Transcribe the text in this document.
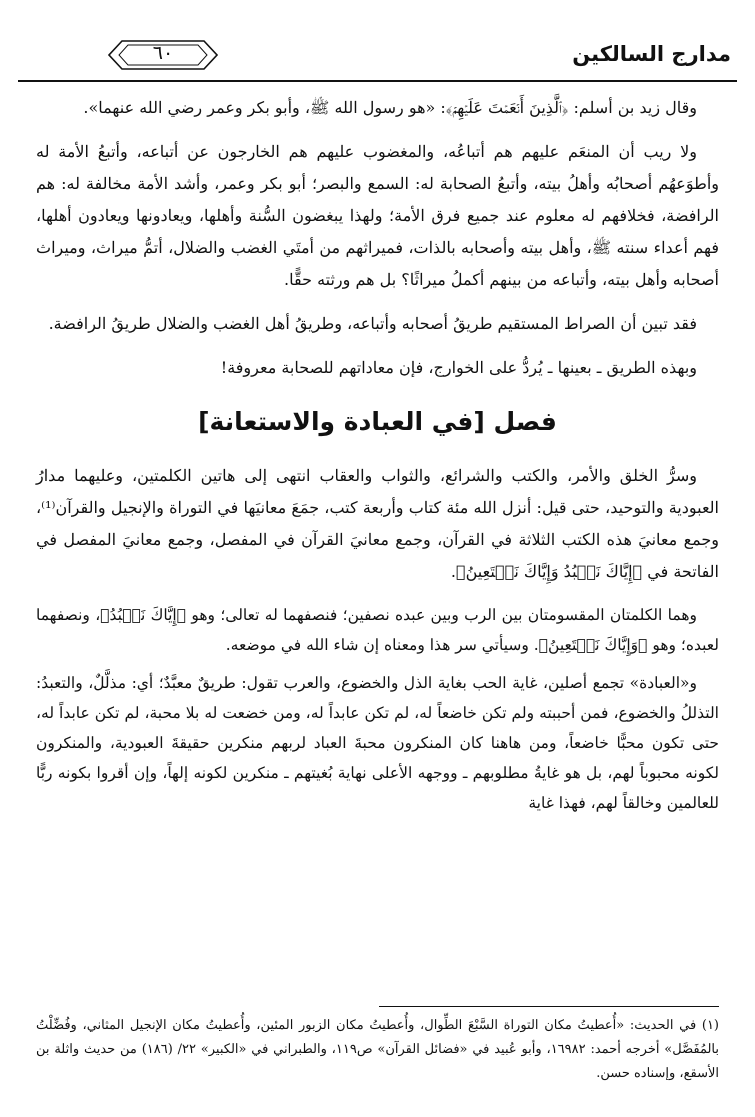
مدارج السالكين
٦٠

وقال زيد بن أسلم: ﴿ٱلَّذِينَ أَنۡعَمۡتَ عَلَيۡهِمۡ﴾: «هو رسول الله ﷺ، وأبو بكر وعمر رضي الله عنهما».

ولا ريب أن المنعَم عليهم هم أتباعُه، والمغضوب عليهم هم الخارجون عن أتباعه، وأتبعُ الأمة له وأطوَعهُم أصحابُه وأهلُ بيته، وأتبعُ الصحابة له: السمع والبصر؛ أبو بكر وعمر، وأشد الأمة مخالفة له: هم الرافضة، فخلافهم له معلوم عند جميع فرق الأمة؛ ولهذا يبغضون السُّنة وأهلها، ويعادونها ويعادون أهلها، فهم أعداء سنته ﷺ، وأهل بيته وأصحابه بالذات، فميراثهم من أمتَي الغضب والضلال، أتمُّ ميراث، وميراث أصحابه وأهل بيته، وأتباعه من بينهم أكملُ ميراثًا؟ بل هم ورثته حقًّا.

فقد تبين أن الصراط المستقيم طريقُ أصحابه وأتباعه، وطريقُ أهل الغضب والضلال طريقُ الرافضة.

وبهذه الطريق ـ بعينها ـ يُردُّ على الخوارج، فإن معاداتهم للصحابة معروفة!

فصل [في العبادة والاستعانة]

وسرُّ الخلق والأمر، والكتب والشرائع، والثواب والعقاب انتهى إلى هاتين الكلمتين، وعليهما مدارُ العبودية والتوحيد، حتى قيل: أنزل الله مئة كتاب وأربعة كتب، جمَعَ معانيَها في التوراة والإنجيل والقرآن⁽¹⁾، وجمع معانيَ هذه الكتب الثلاثة في القرآن، وجمع معانيَ القرآن في المفصل، وجمع معانيَ المفصل في الفاتحة في ﴿إِيَّاكَ نَعۡبُدُ وَإِيَّاكَ نَسۡتَعِينُ﴾.

وهما الكلمتان المقسومتان بين الرب وبين عبده نصفين؛ فنصفهما له تعالى؛ وهو ﴿إِيَّاكَ نَعۡبُدُ﴾، ونصفهما لعبده؛ وهو ﴿وَإِيَّاكَ نَسۡتَعِينُ﴾. وسيأتي سر هذا ومعناه إن شاء الله في موضعه.

و«العبادة» تجمع أصلين، غاية الحب بغاية الذل والخضوع، والعرب تقول: طريقٌ معبَّدٌ؛ أي: مذلَّلٌ، والتعبدُ: التذللُ والخضوع، فمن أحببته ولم تكن خاضعاً له، لم تكن عابداً له، ومن خضعت له بلا محبة، لم تكن عابداً له، حتى تكون محبًّا خاضعاً، ومن هاهنا كان المنكرون محبةَ العباد لربهم منكرين حقيقةَ العبودية، والمنكرون لكونه محبوباً لهم، بل هو غايةُ مطلوبهم ـ ووجهه الأعلى نهاية بُغيتهم ـ منكرين لكونه إلهاً، وإن أقروا بكونه ربًّا للعالمين وخالقاً لهم، فهذا غاية

(١) في الحديث: «أُعطيتُ مكان التوراة السَّبْعَ الطِّوال، وأُعطيتُ مكان الزبور المئين، وأُعطيتُ مكان الإنجيل المثاني، وفُضِّلْتُ بالمُفَصَّل» أخرجه أحمد: ١٦٩٨٢، وأبو عُبيد في «فضائل القرآن» ص١١٩، والطبراني في «الكبير» ٢٢/ (١٨٦) من حديث واثلة بن الأسقع، وإسناده حسن.
